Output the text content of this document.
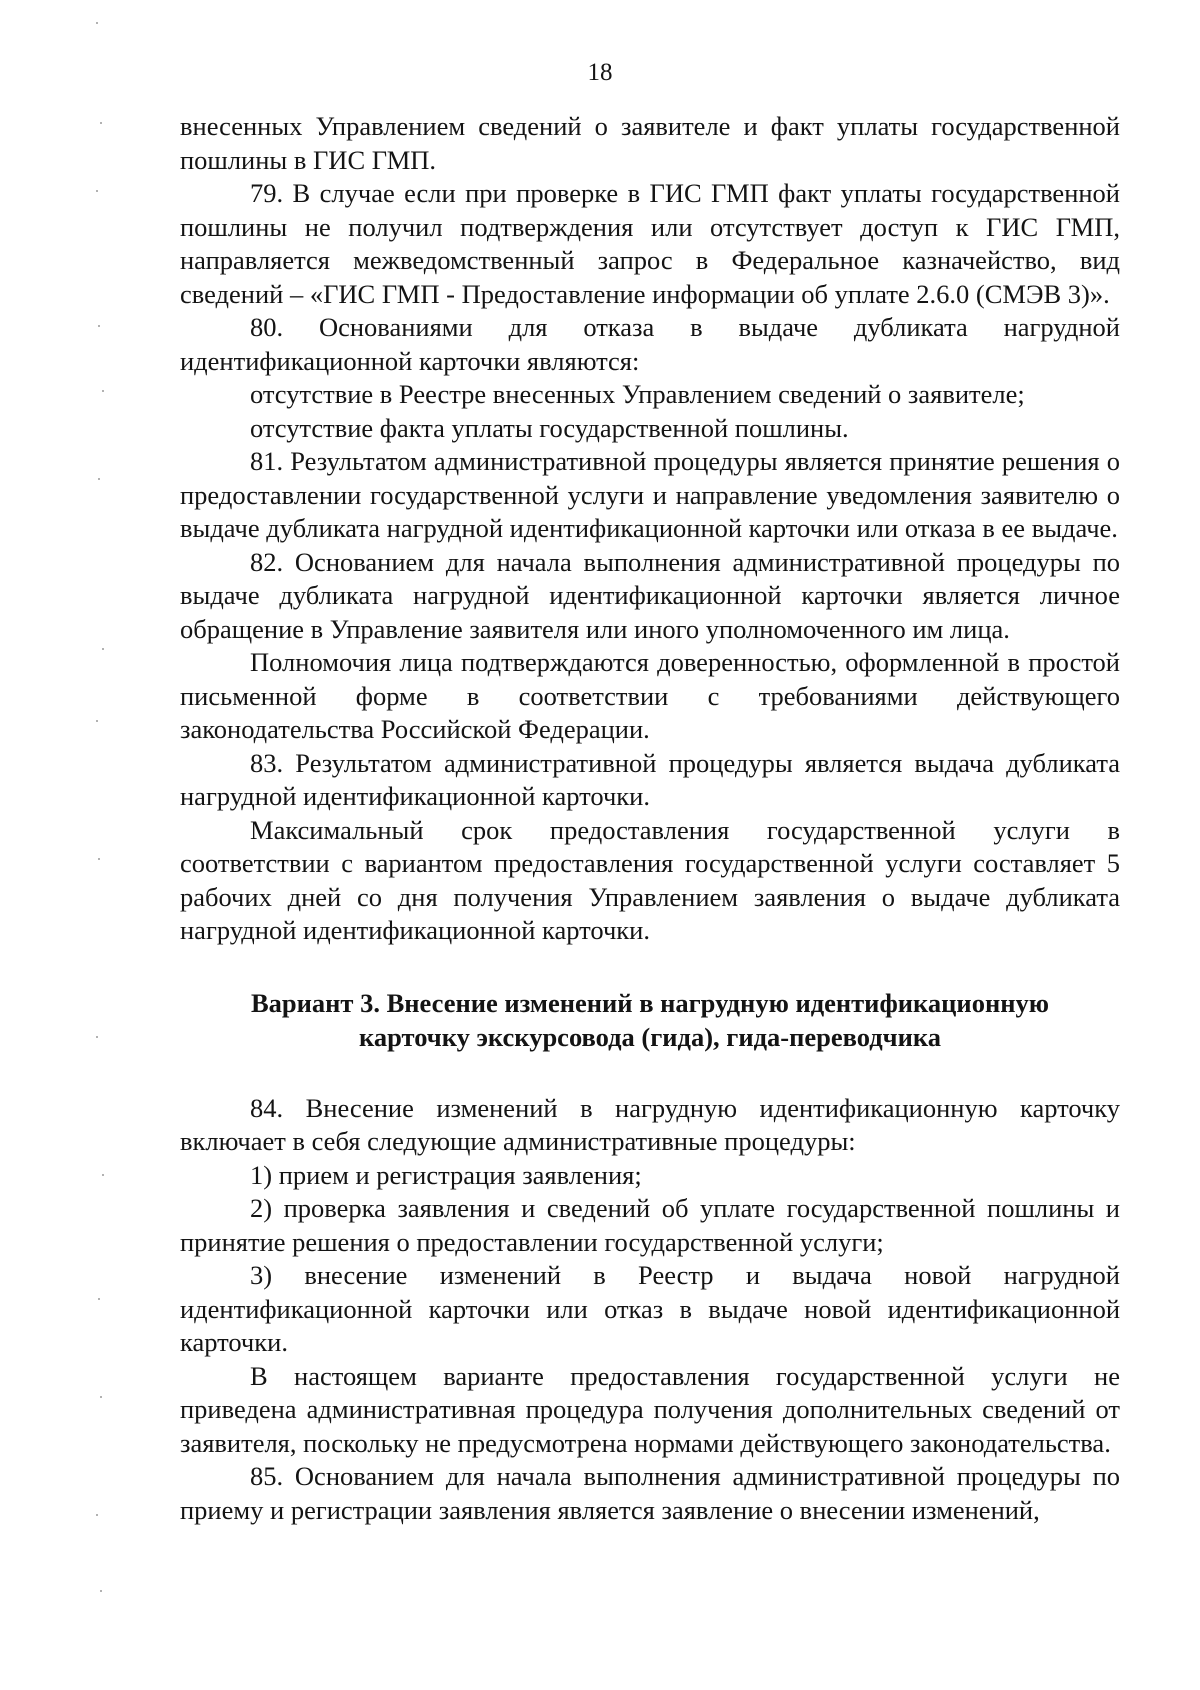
18

внесенных Управлением сведений о заявителе и факт уплаты государственной пошлины в ГИС ГМП.

79. В случае если при проверке в ГИС ГМП факт уплаты государственной пошлины не получил подтверждения или отсутствует доступ к ГИС ГМП, направляется межведомственный запрос в Федеральное казначейство, вид сведений – «ГИС ГМП - Предоставление информации об уплате 2.6.0 (СМЭВ 3)».

80. Основаниями для отказа в выдаче дубликата нагрудной идентификационной карточки являются:

отсутствие в Реестре внесенных Управлением сведений о заявителе;

отсутствие факта уплаты государственной пошлины.

81. Результатом административной процедуры является принятие решения о предоставлении государственной услуги и направление уведомления заявителю о выдаче дубликата нагрудной идентификационной карточки или отказа в ее выдаче.

82. Основанием для начала выполнения административной процедуры по выдаче дубликата нагрудной идентификационной карточки является личное обращение в Управление заявителя или иного уполномоченного им лица.

Полномочия лица подтверждаются доверенностью, оформленной в простой письменной форме в соответствии с требованиями действующего законодательства Российской Федерации.

83. Результатом административной процедуры является выдача дубликата нагрудной идентификационной карточки.

Максимальный срок предоставления государственной услуги в соответствии с вариантом предоставления государственной услуги составляет 5 рабочих дней со дня получения Управлением заявления о выдаче дубликата нагрудной идентификационной карточки.

Вариант 3. Внесение изменений в нагрудную идентификационную
карточку экскурсовода (гида), гида-переводчика

84. Внесение изменений в нагрудную идентификационную карточку включает в себя следующие административные процедуры:

1) прием и регистрация заявления;

2) проверка заявления и сведений об уплате государственной пошлины и принятие решения о предоставлении государственной услуги;

3) внесение изменений в Реестр и выдача новой нагрудной идентификационной карточки или отказ в выдаче новой идентификационной карточки.

В настоящем варианте предоставления государственной услуги не приведена административная процедура получения дополнительных сведений от заявителя, поскольку не предусмотрена нормами действующего законодательства.

85. Основанием для начала выполнения административной процедуры по приему и регистрации заявления является заявление о внесении изменений,
